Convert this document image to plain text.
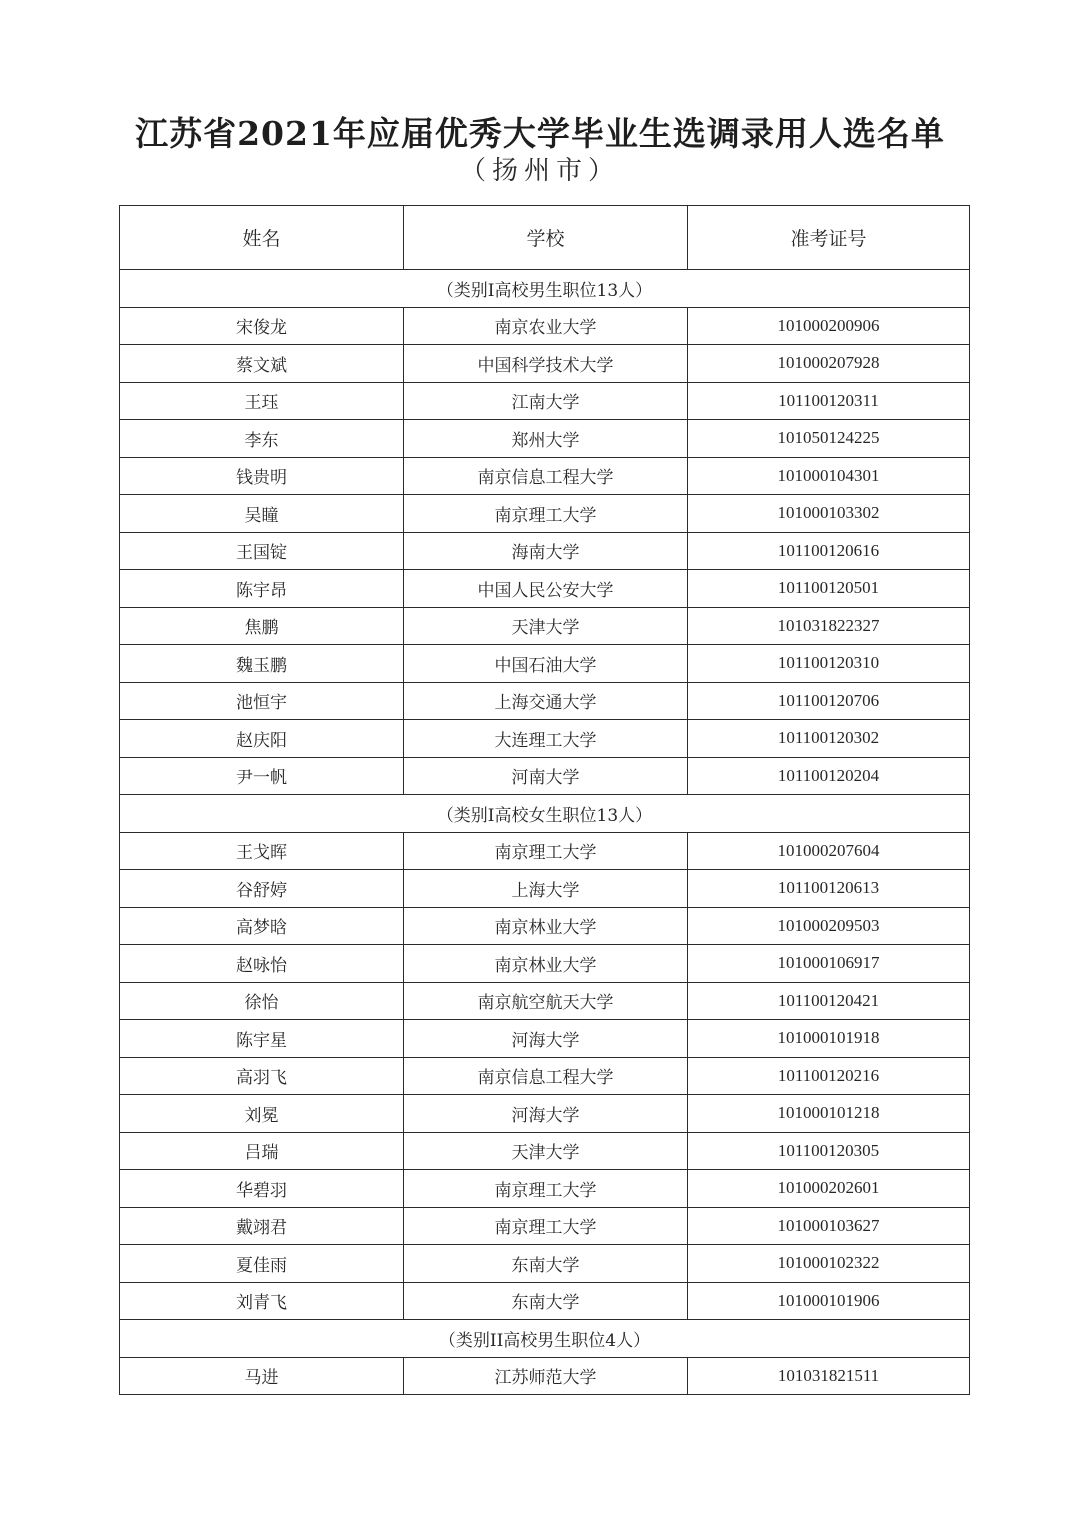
江苏省2021年应届优秀大学毕业生选调录用人选名单
（扬州市）
姓名	学校	准考证号
（类别I高校男生职位13人）		
宋俊龙	南京农业大学	101000200906
蔡文斌	中国科学技术大学	101000207928
王珏	江南大学	101100120311
李东	郑州大学	101050124225
钱贵明	南京信息工程大学	101000104301
吴瞳	南京理工大学	101000103302
王国锭	海南大学	101100120616
陈宇昂	中国人民公安大学	101100120501
焦鹏	天津大学	101031822327
魏玉鹏	中国石油大学	101100120310
池恒宇	上海交通大学	101100120706
赵庆阳	大连理工大学	101100120302
尹一帆	河南大学	101100120204
（类别I高校女生职位13人）		
王戈晖	南京理工大学	101000207604
谷舒婷	上海大学	101100120613
高梦晗	南京林业大学	101000209503
赵咏怡	南京林业大学	101000106917
徐怡	南京航空航天大学	101100120421
陈宇星	河海大学	101000101918
高羽飞	南京信息工程大学	101100120216
刘冕	河海大学	101000101218
吕瑞	天津大学	101100120305
华碧羽	南京理工大学	101000202601
戴翊君	南京理工大学	101000103627
夏佳雨	东南大学	101000102322
刘青飞	东南大学	101000101906
（类别II高校男生职位4人）		
马进	江苏师范大学	101031821511
